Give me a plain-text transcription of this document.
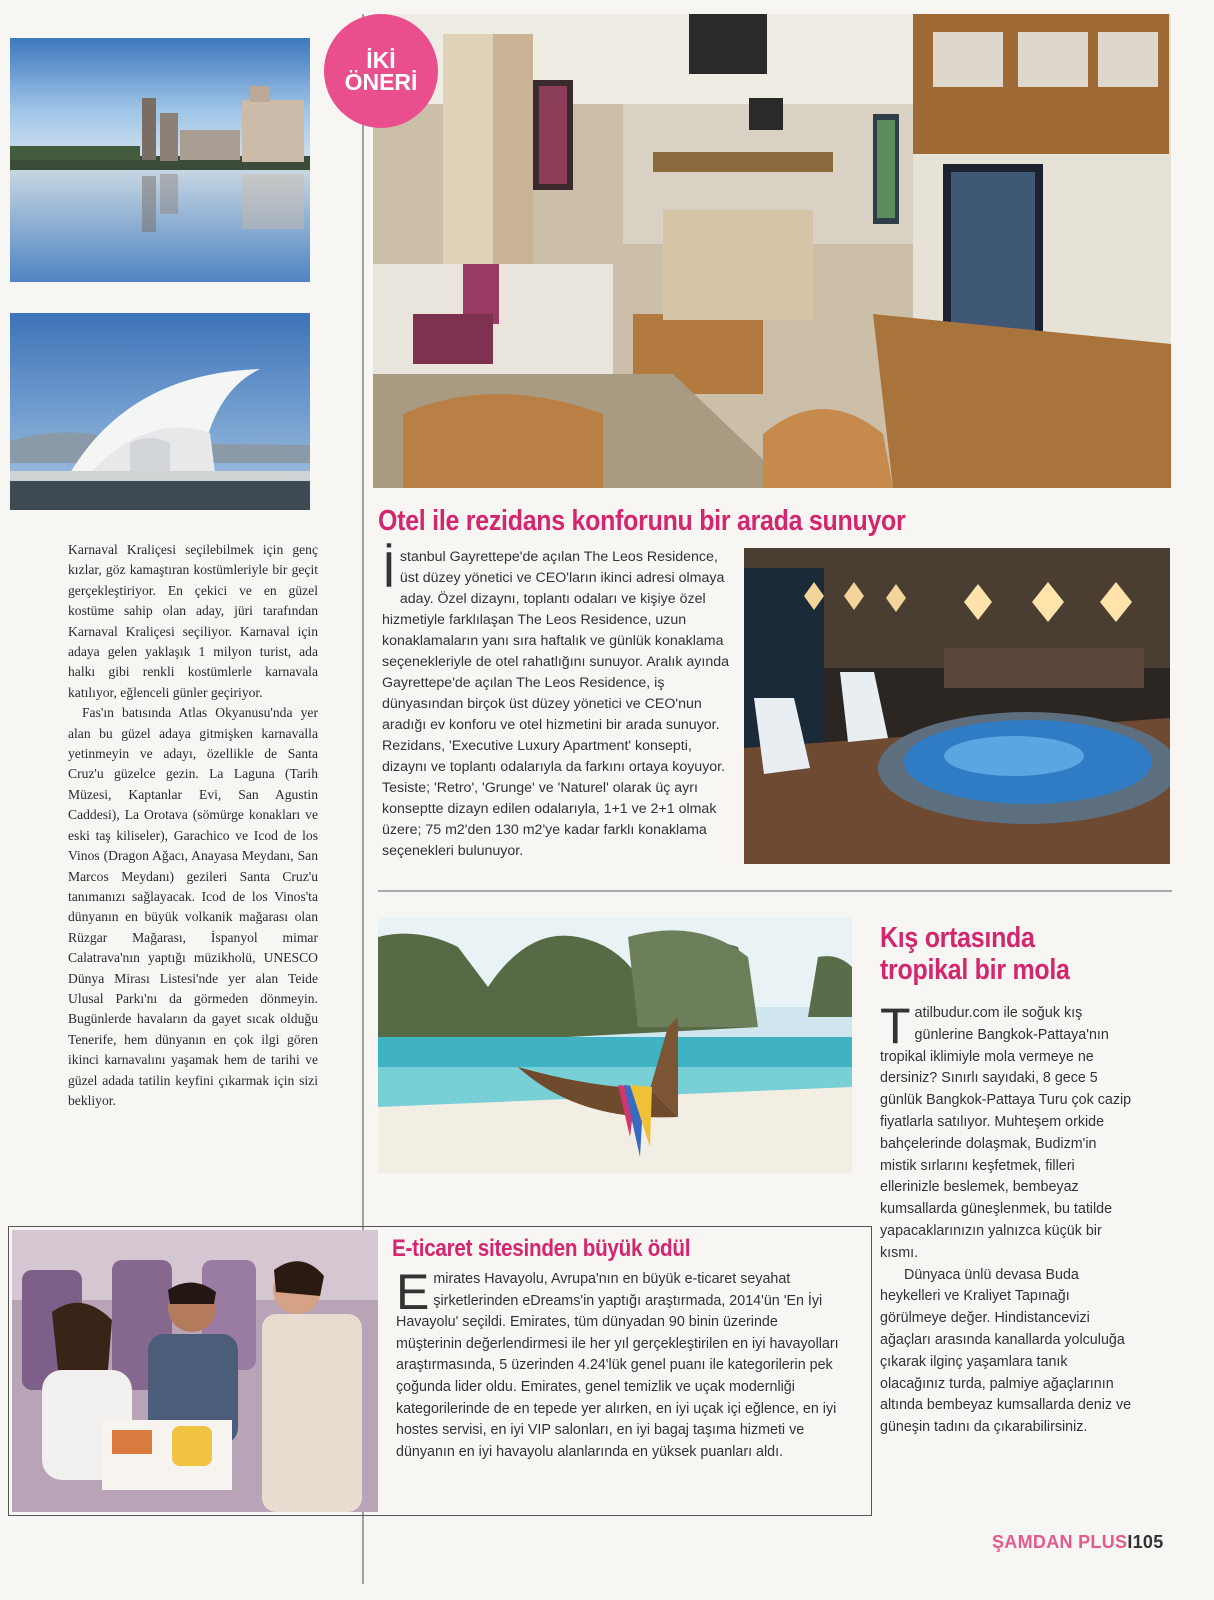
Karnaval Kraliçesi seçilebilmek için genç kızlar, göz kamaştıran kostümleriyle bir geçit gerçekleştiriyor. En çekici ve en güzel kostüme sahip olan aday, jüri tarafından Karnaval Kraliçesi seçiliyor. Karnaval için adaya gelen yaklaşık 1 milyon turist, ada halkı gibi renkli kostümlerle karnavala katılıyor, eğlenceli günler geçiriyor.

Fas'ın batısında Atlas Okyanusu'nda yer alan bu güzel adaya gitmişken karnavalla yetinmeyin ve adayı, özellikle de Santa Cruz'u güzelce gezin. La Laguna (Tarih Müzesi, Kaptanlar Evi, San Agustin Caddesi), La Orotava (sömürge konakları ve eski taş kiliseler), Garachico ve Icod de los Vinos (Dragon Ağacı, Anayasa Meydanı, San Marcos Meydanı) gezileri Santa Cruz'u tanımanızı sağlayacak. Icod de los Vinos'ta dünyanın en büyük volkanik mağarası olan Rüzgar Mağarası, İspanyol mimar Calatrava'nın yaptığı müzikholü, UNESCO Dünya Mirası Listesi'nde yer alan Teide Ulusal Parkı'nı da görmeden dönmeyin. Bugünlerde havaların da gayet sıcak olduğu Tenerife, hem dünyanın en çok ilgi gören ikinci karnavalını yaşamak hem de tarihi ve güzel adada tatilin keyfini çıkarmak için sizi bekliyor.

İKİ
ÖNERİ
Otel ile rezidans konforunu bir arada sunuyor

İstanbul Gayrettepe'de açılan The Leos Residence, üst düzey yönetici ve CEO'ların ikinci adresi olmaya aday. Özel dizaynı, toplantı odaları ve kişiye özel hizmetiyle farklılaşan The Leos Residence, uzun konaklamaların yanı sıra haftalık ve günlük konaklama seçenekleriyle de otel rahatlığını sunuyor. Aralık ayında Gayrettepe'de açılan The Leos Residence, iş dünyasından birçok üst düzey yönetici ve CEO'nun aradığı ev konforu ve otel hizmetini bir arada sunuyor. Rezidans, 'Executive Luxury Apartment' konsepti, dizaynı ve toplantı odalarıyla da farkını ortaya koyuyor. Tesiste; 'Retro', 'Grunge' ve 'Naturel' olarak üç ayrı konseptte dizayn edilen odalarıyla, 1+1 ve 2+1 olmak üzere; 75 m2'den 130 m2'ye kadar farklı konaklama seçenekleri bulunuyor.

Kış ortasında
tropikal bir mola

Tatilbudur.com ile soğuk kış günlerine Bangkok-Pattaya'nın tropikal iklimiyle mola vermeye ne dersiniz? Sınırlı sayıdaki, 8 gece 5 günlük Bangkok-Pattaya Turu çok cazip fiyatlarla satılıyor. Muhteşem orkide bahçelerinde dolaşmak, Budizm'in mistik sırlarını keşfetmek, filleri ellerinizle beslemek, bembeyaz kumsallarda güneşlenmek, bu tatilde yapacaklarınızın yalnızca küçük bir kısmı.

Dünyaca ünlü devasa Buda heykelleri ve Kraliyet Tapınağı görülmeye değer. Hindistancevizi ağaçları arasında kanallarda yolculuğa çıkarak ilginç yaşamlara tanık olacağınız turda, palmiye ağaçlarının altında bembeyaz kumsallarda deniz ve güneşin tadını da çıkarabilirsiniz.

E-ticaret sitesinden büyük ödül

Emirates Havayolu, Avrupa'nın en büyük e-ticaret seyahat şirketlerinden eDreams'in yaptığı araştırmada, 2014'ün 'En İyi Havayolu' seçildi. Emirates, tüm dünyadan 90 binin üzerinde müşterinin değerlendirmesi ile her yıl gerçekleştirilen en iyi havayolları araştırmasında, 5 üzerinden 4.24'lük genel puanı ile kategorilerin pek çoğunda lider oldu. Emirates, genel temizlik ve uçak modernliği kategorilerinde de en tepede yer alırken, en iyi uçak içi eğlence, en iyi hostes servisi, en iyi VIP salonları, en iyi bagaj taşıma hizmeti ve dünyanın en iyi havayolu alanlarında en yüksek puanları aldı.

ŞAMDAN PLUSI105
